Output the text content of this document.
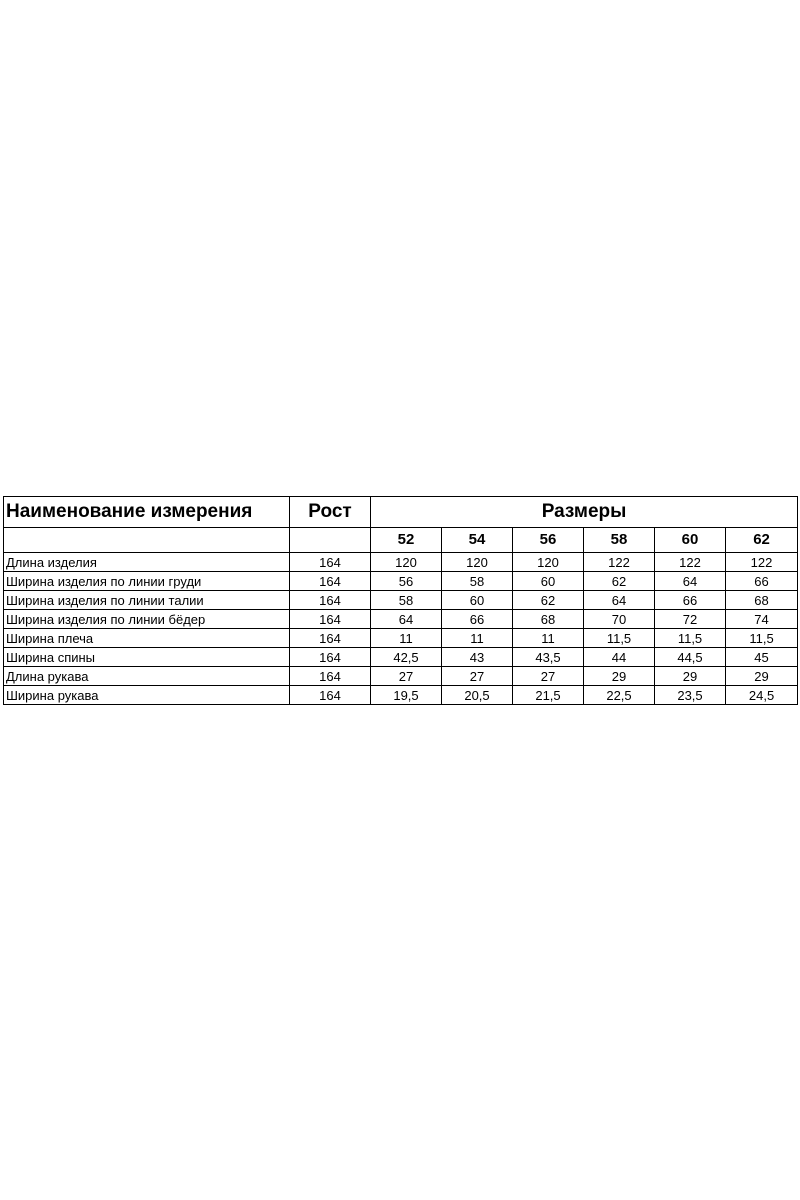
Наименование измерения	Рост	Размеры					
		52	54	56	58	60	62
Длина изделия	164	120	120	120	122	122	122
Ширина изделия по линии груди	164	56	58	60	62	64	66
Ширина изделия по линии талии	164	58	60	62	64	66	68
Ширина изделия по линии бёдер	164	64	66	68	70	72	74
Ширина плеча	164	11	11	11	11,5	11,5	11,5
Ширина спины	164	42,5	43	43,5	44	44,5	45
Длина рукава	164	27	27	27	29	29	29
Ширина рукава	164	19,5	20,5	21,5	22,5	23,5	24,5
